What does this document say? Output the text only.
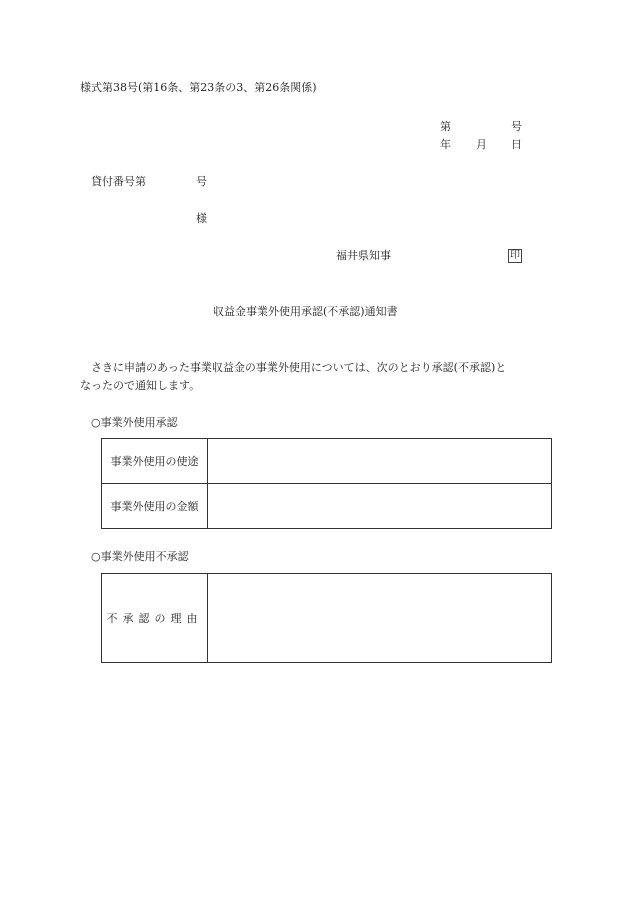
様式第38号(第16条、第23条の3、第26条関係)
第	号
年 月 日
貸付番号第	号
様
福井県知事	印
収益金事業外使用承認(不承認)通知書
さきに申請のあった事業収益金の事業外使用については、次のとおり承認(不承認)と
なったので通知します。
○事業外使用承認
事業外使用の使途	
事業外使用の金額	
○事業外使用不承認
不承認の理由	
